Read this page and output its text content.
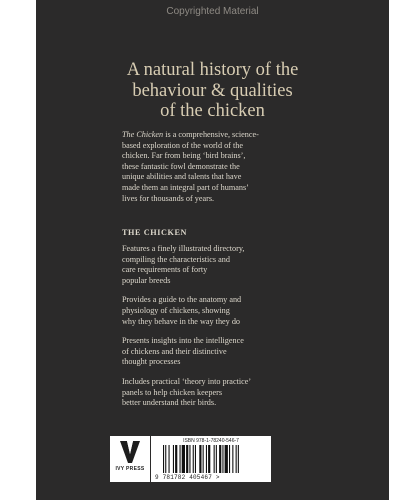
Copyrighted Material
A natural history of the
behaviour & qualities
of the chicken
The Chicken is a comprehensive, science-
based exploration of the world of the
chicken. Far from being ‘bird brains’,
these fantastic fowl demonstrate the
unique abilities and talents that have
made them an integral part of humans’
lives for thousands of years.
THE CHICKEN
Features a finely illustrated directory,
compiling the characteristics and
care requirements of forty
popular breeds
Provides a guide to the anatomy and
physiology of chickens, showing
why they behave in the way they do
Presents insights into the intelligence
of chickens and their distinctive
thought processes
Includes practical ‘theory into practice’
panels to help chicken keepers
better understand their birds.
IVY PRESS
ISBN 978-1-78240-546-7
9 781782 405467 >
